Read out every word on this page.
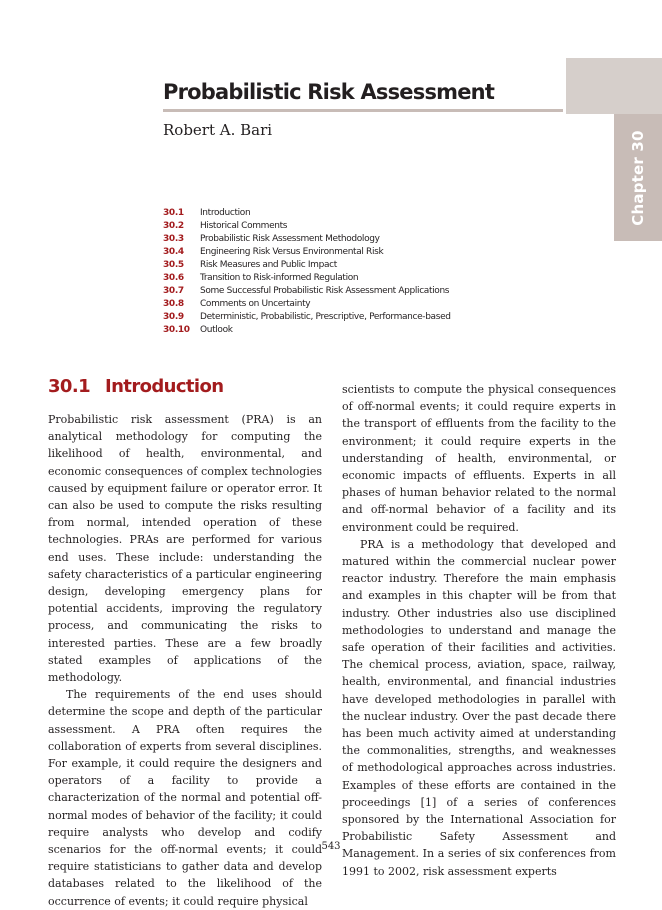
Chapter 30
Probabilistic Risk Assessment
Robert A. Bari
30.1	Introduction
30.2	Historical Comments
30.3	Probabilistic Risk Assessment Methodology
30.4	Engineering Risk Versus Environmental Risk
30.5	Risk Measures and Public Impact
30.6	Transition to Risk-informed Regulation
30.7	Some Successful Probabilistic Risk Assessment Applications
30.8	Comments on Uncertainty
30.9	Deterministic, Probabilistic, Prescriptive, Performance-based
30.10	Outlook
30.1 Introduction

Probabilistic risk assessment (PRA) is an analytical methodology for computing the likelihood of health, environmental, and economic consequences of complex technologies caused by equipment failure or operator error. It can also be used to compute the risks resulting from normal, intended operation of these technologies. PRAs are performed for various end uses. These include: understanding the safety characteristics of a particular engineering design, developing emergency plans for potential accidents, improving the regulatory process, and communicating the risks to interested parties. These are a few broadly stated examples of applications of the methodology.

The requirements of the end uses should determine the scope and depth of the particular assessment. A PRA often requires the collaboration of experts from several disciplines. For example, it could require the designers and operators of a facility to provide a characterization of the normal and potential off-normal modes of behavior of the facility; it could require analysts who develop and codify scenarios for the off-normal events; it could require statisticians to gather data and develop databases related to the likelihood of the occurrence of events; it could require physical

scientists to compute the physical consequences of off-normal events; it could require experts in the transport of effluents from the facility to the environment; it could require experts in the understanding of health, environmental, or economic impacts of effluents. Experts in all phases of human behavior related to the normal and off-normal behavior of a facility and its environment could be required.

PRA is a methodology that developed and matured within the commercial nuclear power reactor industry. Therefore the main emphasis and examples in this chapter will be from that industry. Other industries also use disciplined methodologies to understand and manage the safe operation of their facilities and activities. The chemical process, aviation, space, railway, health, environmental, and financial industries have developed methodologies in parallel with the nuclear industry. Over the past decade there has been much activity aimed at understanding the commonalities, strengths, and weaknesses of methodological approaches across industries. Examples of these efforts are contained in the proceedings [1] of a series of conferences sponsored by the International Association for Probabilistic Safety Assessment and Management. In a series of six conferences from 1991 to 2002, risk assessment experts

543
